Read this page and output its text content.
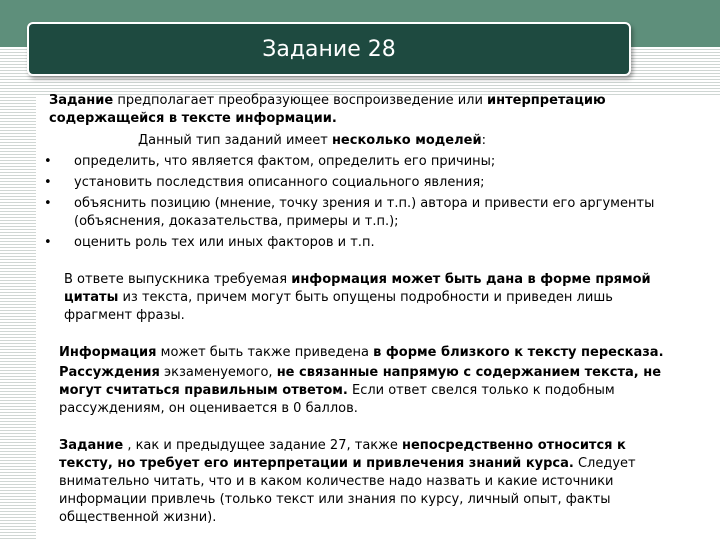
Задание 28

Задание предполагает преобразующее воспроизведение или интерпретацию содержащейся в тексте информации.

Данный тип заданий имеет несколько моделей:

•	определить, что является фактом, определить его причины;
•	установить последствия описанного социального явления;
•	объяснить позицию (мнение, точку зрения и т.п.) автора и привести его аргументы (объяснения, доказательства, примеры и т.п.);
•	оценить роль тех или иных факторов и т.п.

В ответе выпускника требуемая информация может быть дана в форме прямой цитаты из текста, причем могут быть опущены подробности и приведен лишь фрагмент фразы.

Информация может быть также приведена в форме близкого к тексту пересказа.

Рассуждения экзаменуемого, не связанные напрямую с содержанием текста, не могут считаться правильным ответом. Если ответ свелся только к подобным рассуждениям, он оценивается в 0 баллов.

Задание , как и предыдущее задание 27, также непосредственно относится к тексту, но требует его интерпретации и привлечения знаний курса. Следует внимательно читать, что и в каком количестве надо назвать и какие источники информации привлечь (только текст или знания по курсу, личный опыт, факты общественной жизни).
